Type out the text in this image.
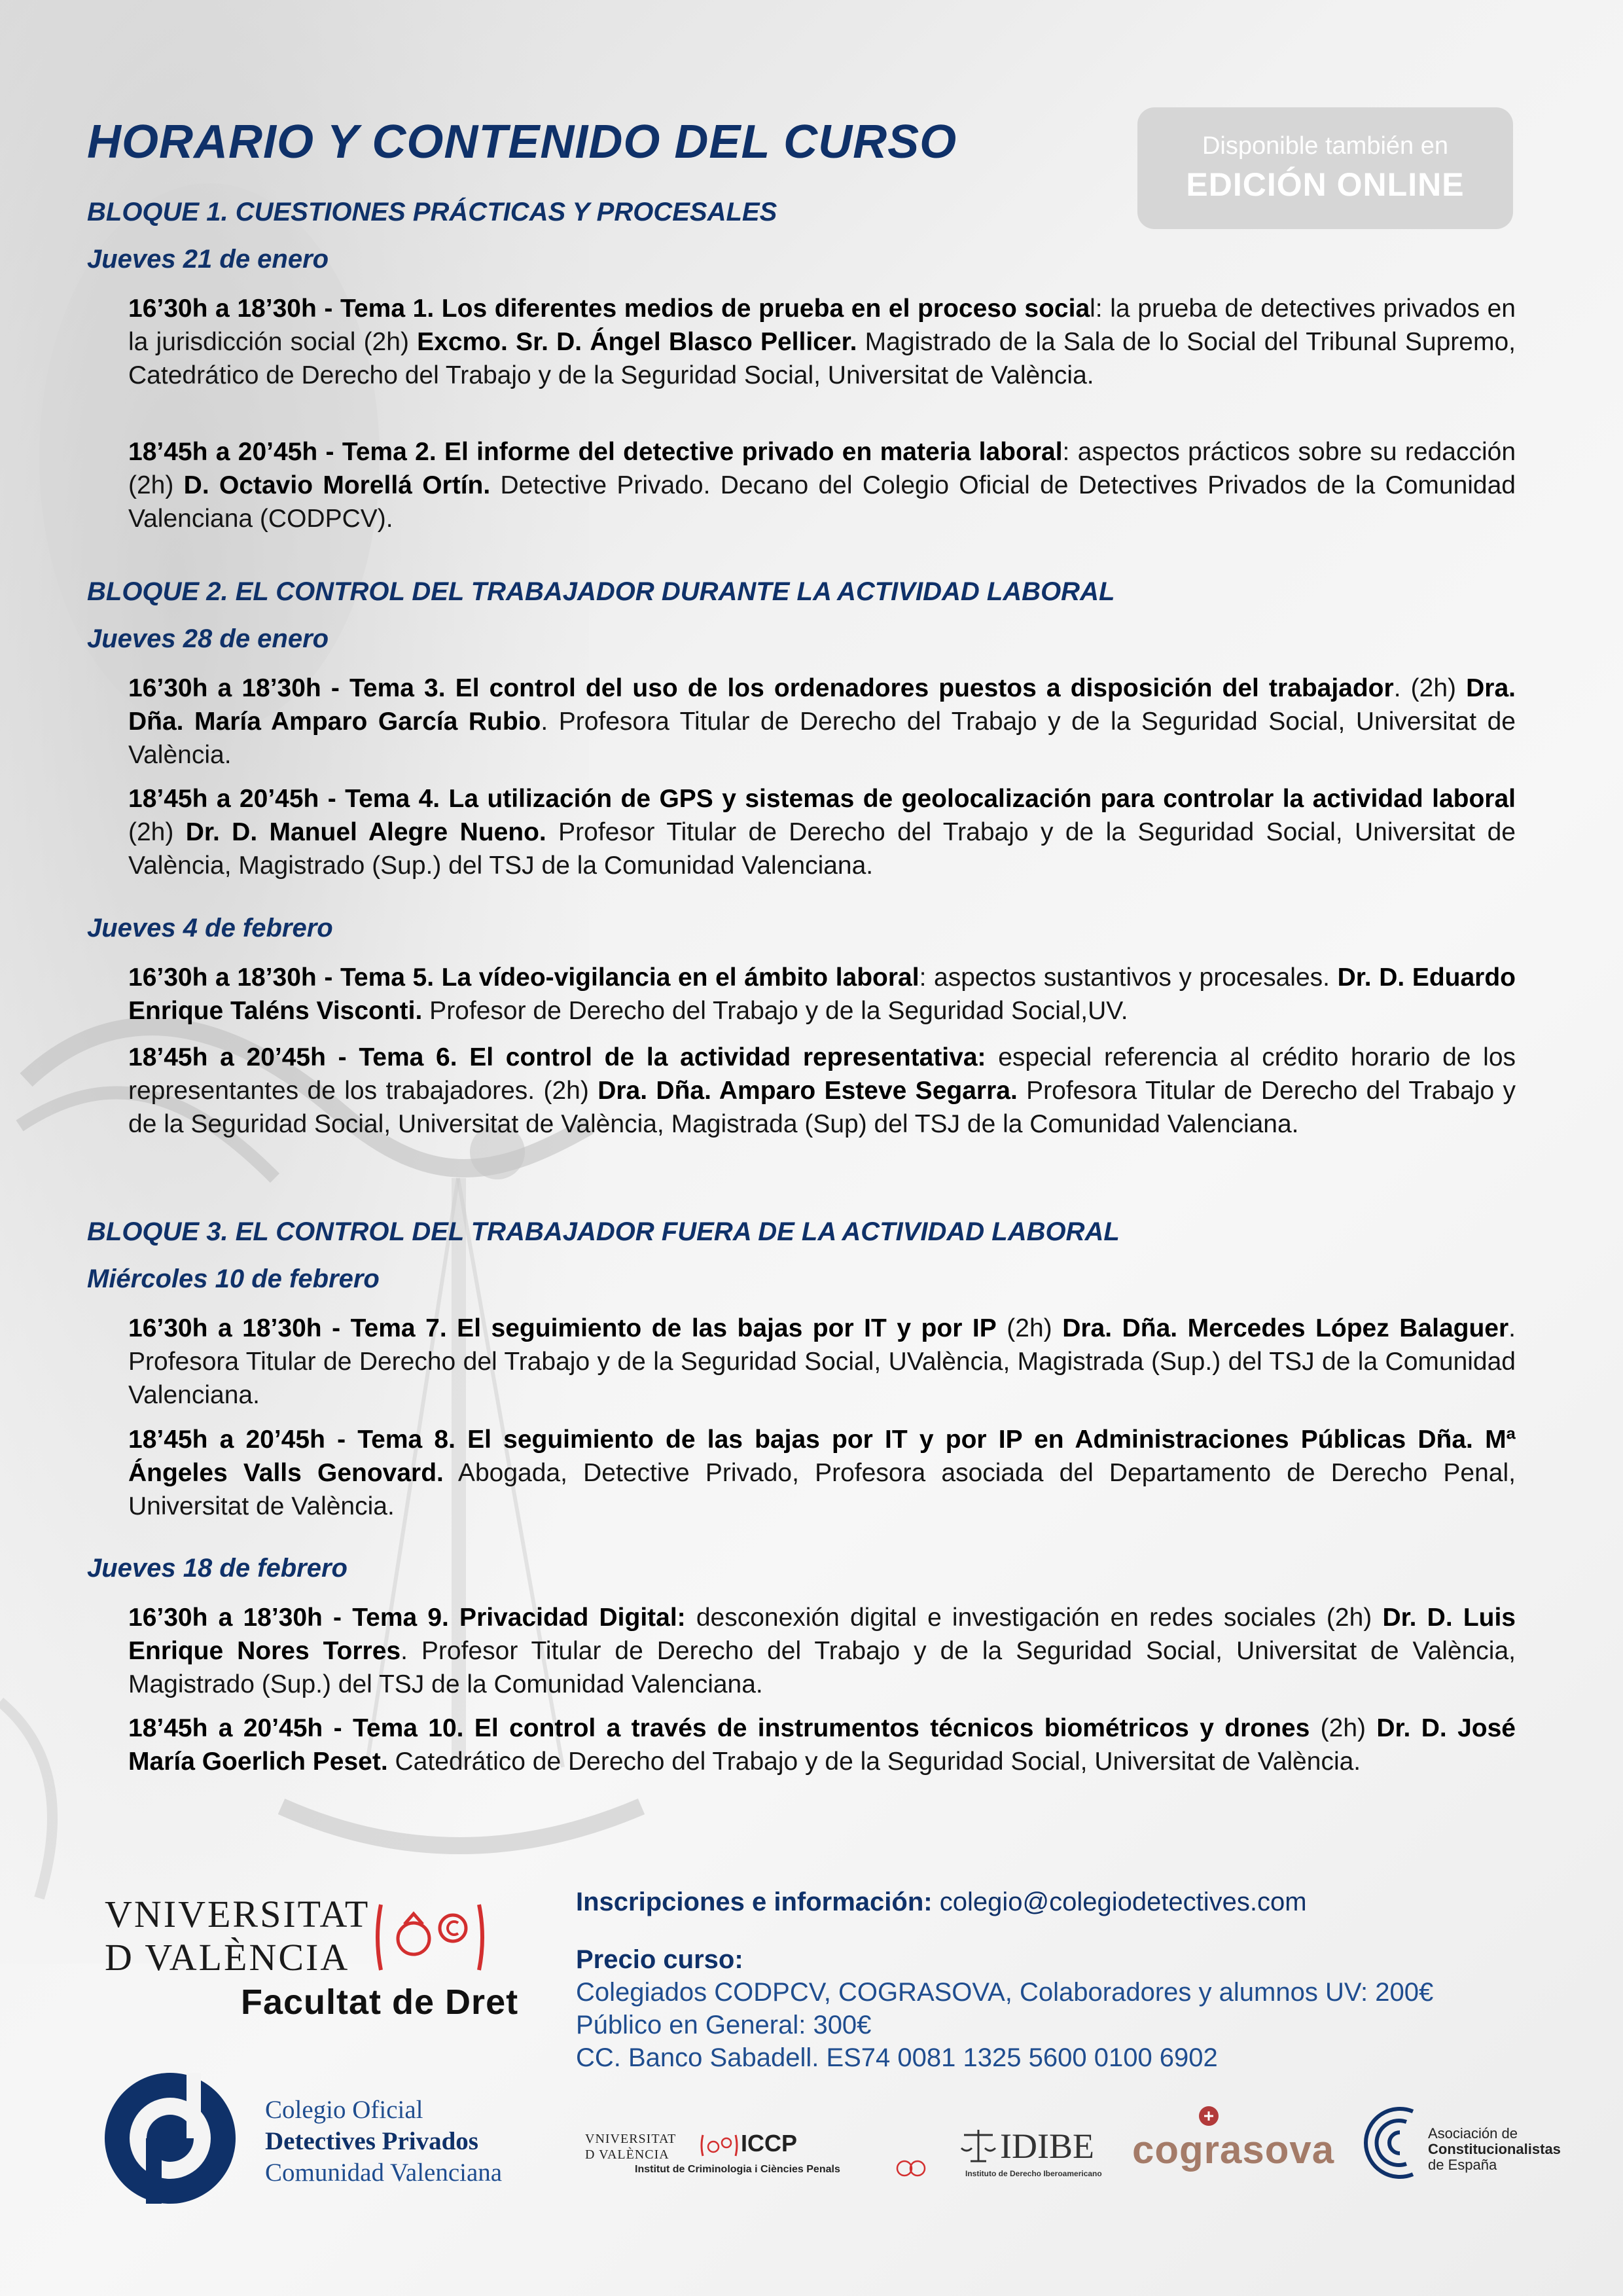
HORARIO Y CONTENIDO DEL CURSO	Disponible también en
EDICIÓN ONLINE
BLOQUE 1. CUESTIONES PRÁCTICAS Y PROCESALES
Jueves 21 de enero

16’30h a 18’30h - Tema 1. Los diferentes medios de prueba en el proceso social: la prueba de detectives privados en la jurisdicción social (2h) Excmo. Sr. D. Ángel Blasco Pellicer. Magistrado de la Sala de lo Social del Tribunal Supremo, Catedrático de Derecho del Trabajo y de la Seguridad Social, Universitat de València.

18’45h a 20’45h - Tema 2. El informe del detective privado en materia laboral: aspectos prácticos sobre su redacción (2h) D. Octavio Morellá Ortín. Detective Privado. Decano del Colegio Oficial de Detectives Privados de la Comunidad Valenciana (CODPCV).

BLOQUE 2. EL CONTROL DEL TRABAJADOR DURANTE LA ACTIVIDAD LABORAL
Jueves 28 de enero

16’30h a 18’30h - Tema 3. El control del uso de los ordenadores puestos a disposición del trabajador. (2h) Dra. Dña. María Amparo García Rubio. Profesora Titular de Derecho del Trabajo y de la Seguridad Social, Universitat de València.

18’45h a 20’45h - Tema 4. La utilización de GPS y sistemas de geolocalización para controlar la actividad laboral (2h) Dr. D. Manuel Alegre Nueno. Profesor Titular de Derecho del Trabajo y de la Seguridad Social, Universitat de València, Magistrado (Sup.) del TSJ de la Comunidad Valenciana.

Jueves 4 de febrero

16’30h a 18’30h - Tema 5. La vídeo-vigilancia en el ámbito laboral: aspectos sustantivos y procesales. Dr. D. Eduardo Enrique Taléns Visconti. Profesor de Derecho del Trabajo y de la Seguridad Social,UV.

18’45h a 20’45h - Tema 6. El control de la actividad representativa: especial referencia al crédito horario de los representantes de los trabajadores. (2h) Dra. Dña. Amparo Esteve Segarra. Profesora Titular de Derecho del Trabajo y de la Seguridad Social, Universitat de València, Magistrada (Sup) del TSJ de la Comunidad Valenciana.

BLOQUE 3. EL CONTROL DEL TRABAJADOR FUERA DE LA ACTIVIDAD LABORAL
Miércoles 10 de febrero

16’30h a 18’30h - Tema 7. El seguimiento de las bajas por IT y por IP (2h) Dra. Dña. Mercedes López Balaguer. Profesora Titular de Derecho del Trabajo y de la Seguridad Social, UValència, Magistrada (Sup.) del TSJ de la Comunidad Valenciana.

18’45h a 20’45h - Tema 8. El seguimiento de las bajas por IT y por IP en Administraciones Públicas Dña. Mª Ángeles Valls Genovard. Abogada, Detective Privado, Profesora asociada del Departamento de Derecho Penal, Universitat de València.

Jueves 18 de febrero

16’30h a 18’30h - Tema 9. Privacidad Digital: desconexión digital e investigación en redes sociales (2h) Dr. D. Luis Enrique Nores Torres. Profesor Titular de Derecho del Trabajo y de la Seguridad Social, Universitat de València, Magistrado (Sup.) del TSJ de la Comunidad Valenciana.

18’45h a 20’45h - Tema 10. El control a través de instrumentos técnicos biométricos y drones (2h) Dr. D. José María Goerlich Peset. Catedrático de Derecho del Trabajo y de la Seguridad Social, Universitat de València.

VNIVERSITAT
D VALÈNCIA
Facultat de Dret
Colegio Oficial
Detectives Privados
Comunidad Valenciana
Inscripciones e información: colegio@colegiodetectives.com
Precio curso:
Colegiados CODPCV, COGRASOVA, Colaboradores y alumnos UV: 200€
Público en General: 300€
CC. Banco Sabadell. ES74 0081 1325 5600 0100 6902
VNIVERSITAT
D VALÈNCIA	ICCP
Institut de Criminologia i Ciències Penals
IDIBE
Instituto de Derecho Iberoamericano
cograsova	Asociación de
Constitucionalistas
de España
